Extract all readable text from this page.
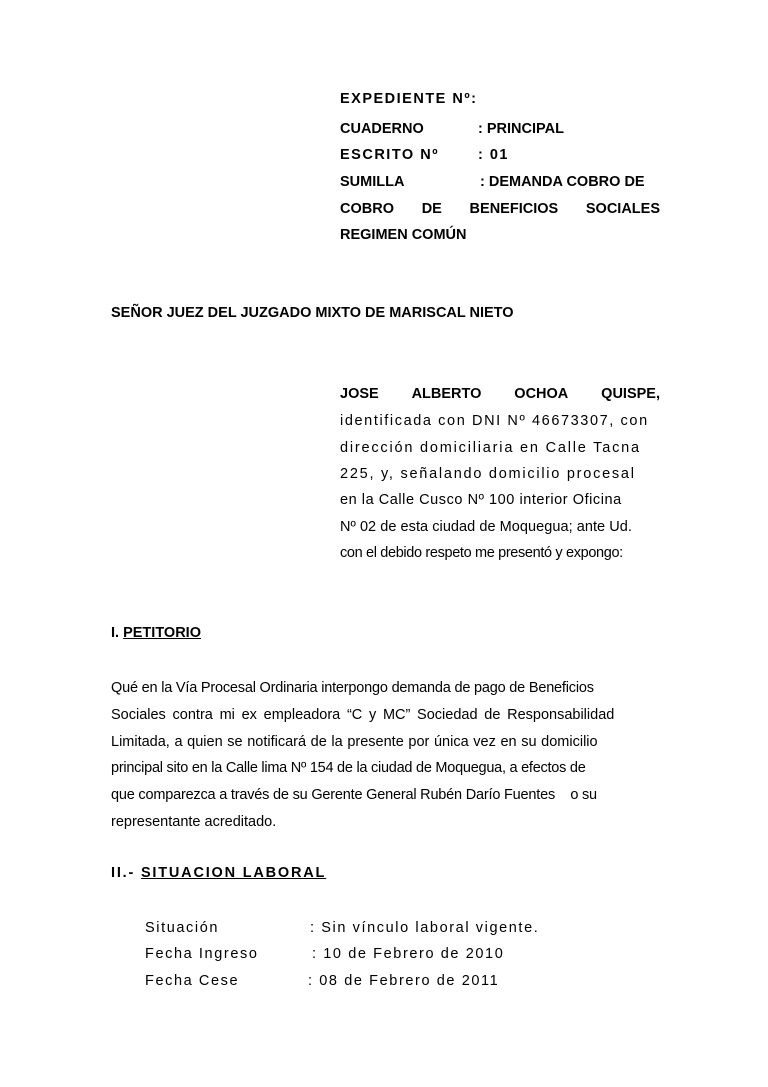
EXPEDIENTE Nº:
CUADERNO	: PRINCIPAL
ESCRITO Nº	: 01
SUMILLA	: DEMANDA COBRO DE
COBRO DE BENEFICIOS SOCIALES
REGIMEN COMÚN
SEÑOR JUEZ DEL JUZGADO MIXTO DE MARISCAL NIETO
JOSE ALBERTO OCHOA QUISPE,
identificada con DNI Nº 46673307, con
dirección domiciliaria en Calle Tacna
225, y, señalando domicilio procesal
en la Calle Cusco Nº 100 interior Oficina
Nº 02 de esta ciudad de Moquegua; ante Ud.
con el debido respeto me presentó y expongo:
I. PETITORIO
Qué en la Vía Procesal Ordinaria interpongo demanda de pago de Beneficios
Sociales contra mi ex empleadora “C y MC” Sociedad de Responsabilidad
Limitada, a quien se notificará de la presente por única vez en su domicilio
principal sito en la Calle lima Nº 154 de la ciudad de Moquegua, a efectos de
que comparezca a través de su Gerente General Rubén Darío Fuentes    o su
representante acreditado.
II.- SITUACION LABORAL
Situación	: Sin vínculo laboral vigente.
Fecha Ingreso	: 10 de Febrero de 2010
Fecha Cese	: 08 de Febrero de 2011
